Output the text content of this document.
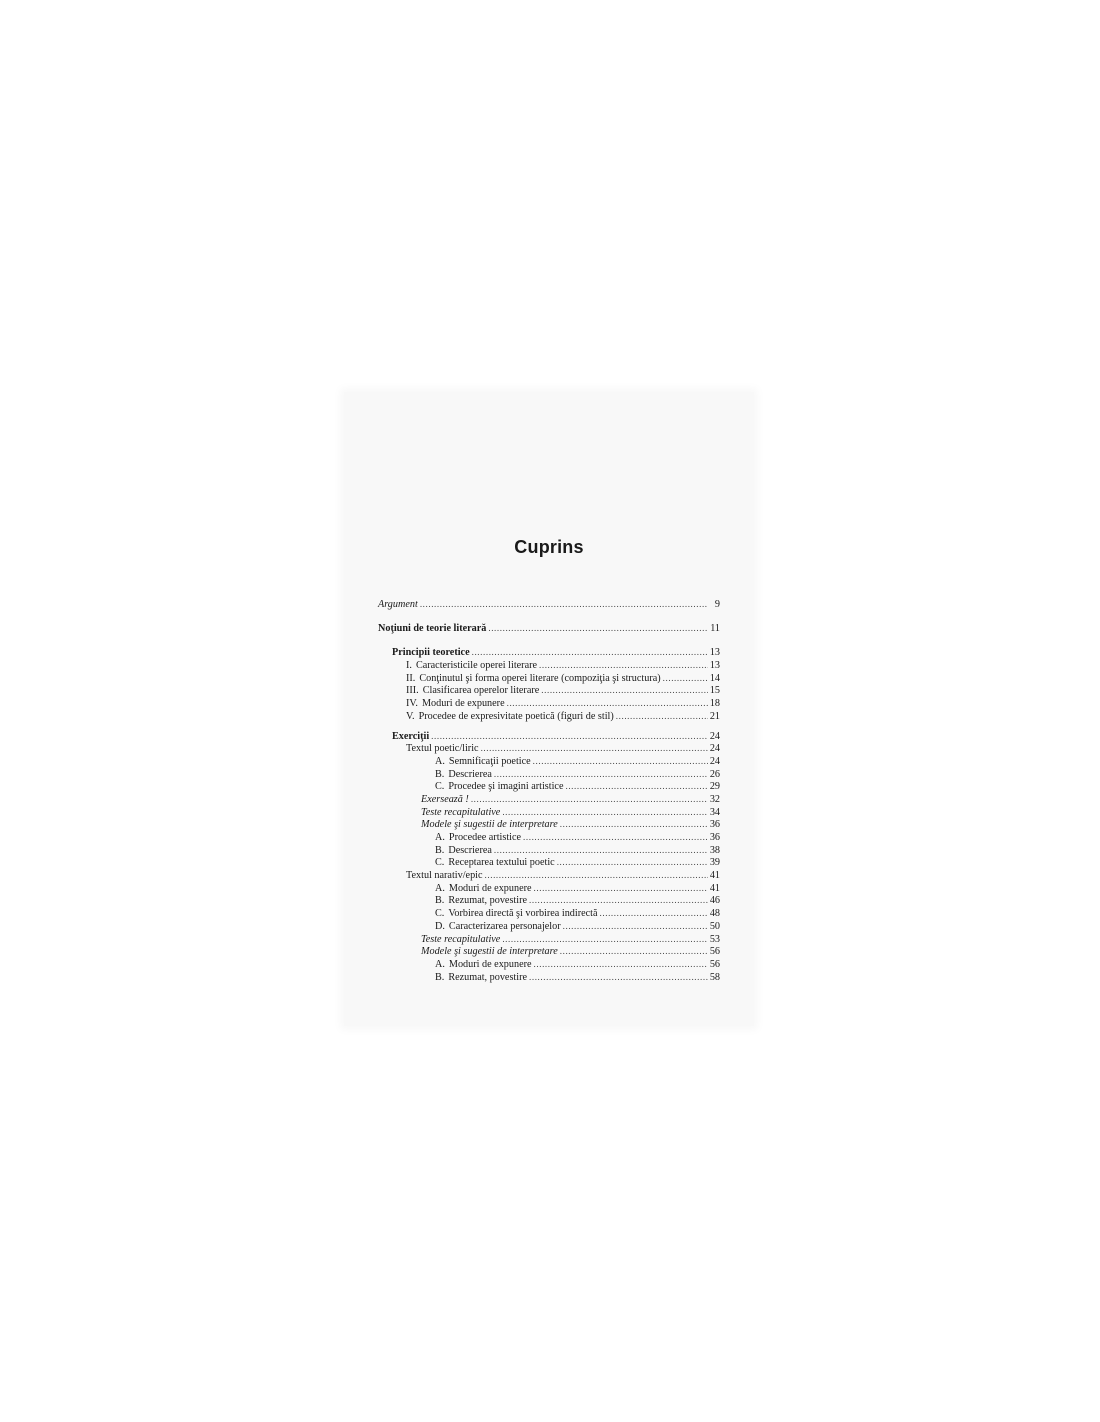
Cuprins
Argument .....	9
Noţiuni de teorie literară .....	11
Principii teoretice .....	13
I. Caracteristicile operei literare .....	13
II. Conţinutul şi forma operei literare (compoziţia şi structura) .....	14
III. Clasificarea operelor literare .....	15
IV. Moduri de expunere .....	18
V. Procedee de expresivitate poetică (figuri de stil) .....	21
Exerciţii .....	24
Textul poetic/liric .....	24
A. Semnificaţii poetice .....	24
B. Descrierea .....	26
C. Procedee şi imagini artistice .....	29
Exersează ! .....	32
Teste recapitulative .....	34
Modele şi sugestii de interpretare .....	36
A. Procedee artistice .....	36
B. Descrierea .....	38
C. Receptarea textului poetic .....	39
Textul narativ/epic .....	41
A. Moduri de expunere .....	41
B. Rezumat, povestire .....	46
C. Vorbirea directă şi vorbirea indirectă .....	48
D. Caracterizarea personajelor .....	50
Teste recapitulative .....	53
Modele şi sugestii de interpretare .....	56
A. Moduri de expunere .....	56
B. Rezumat, povestire .....	58
